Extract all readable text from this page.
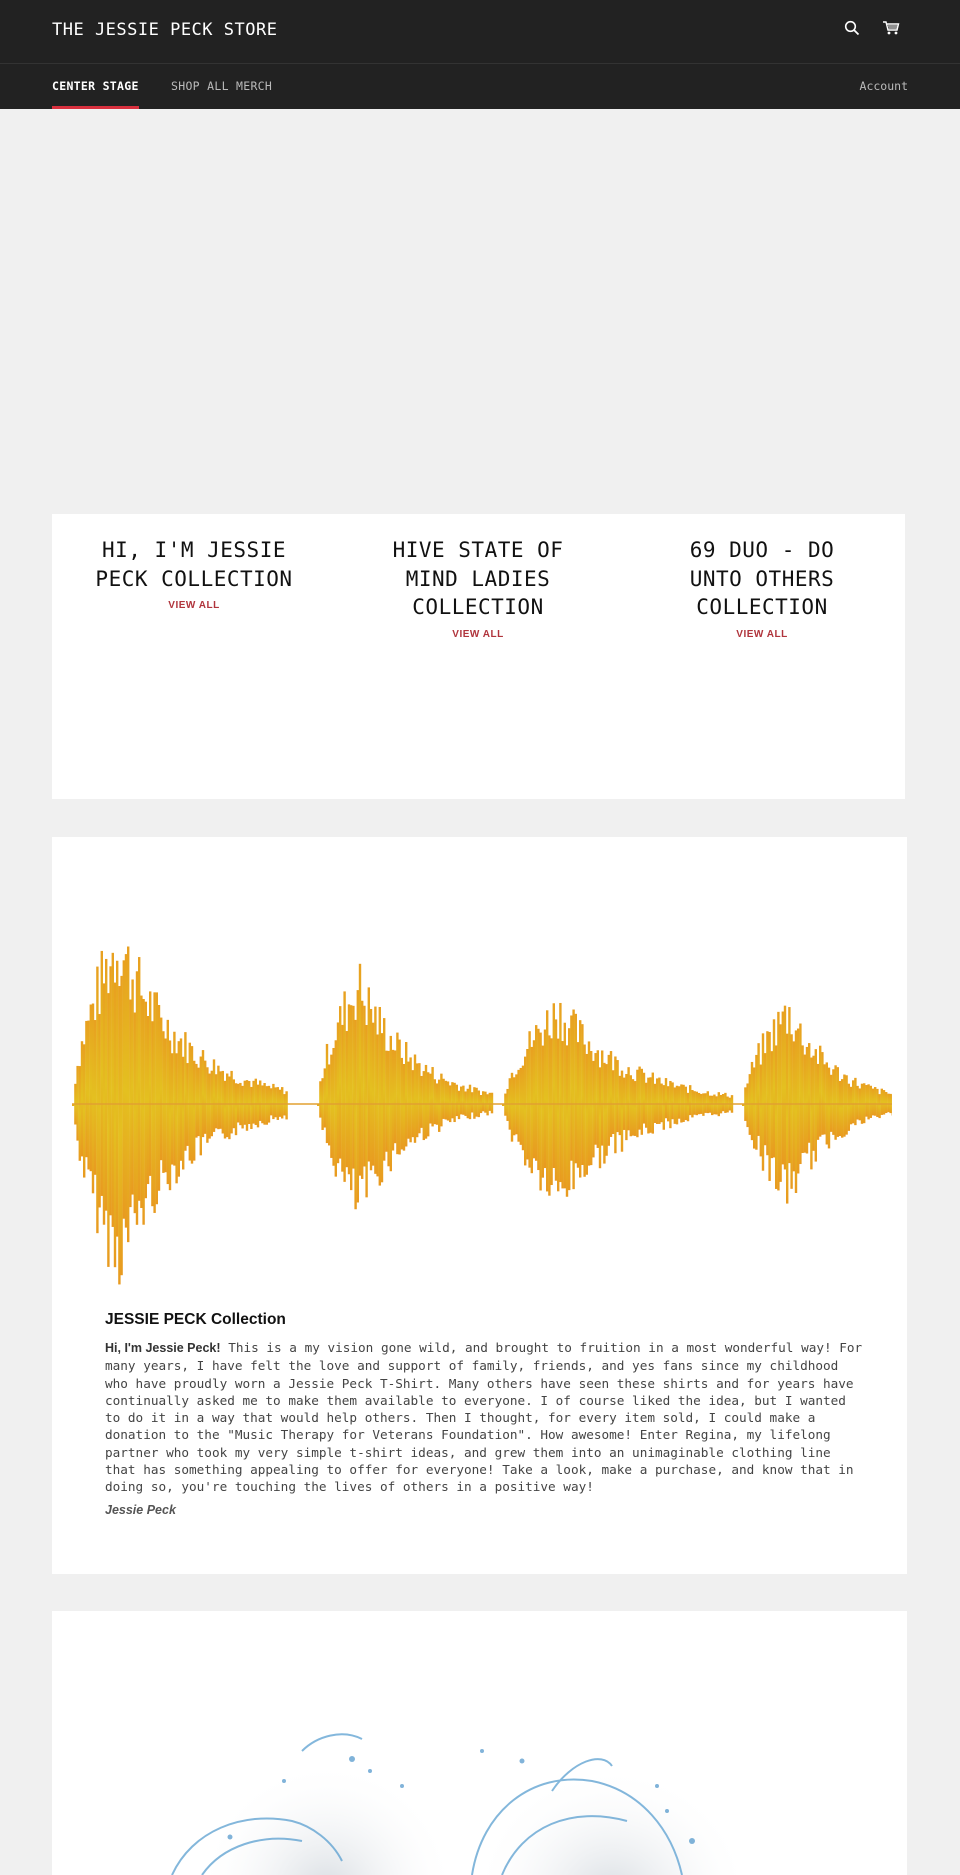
THE JESSIE PECK STORE
CENTER STAGE	SHOP ALL MERCH	Account
HI, I'M JESSIE PECK COLLECTION
VIEW ALL
HIVE STATE OF MIND LADIES COLLECTION
VIEW ALL
69 DUO - DO UNTO OTHERS COLLECTION
VIEW ALL
JESSIE PECK Collection
Hi, I'm Jessie Peck! This is a my vision gone wild, and brought to fruition in a most wonderful way! For many years, I have felt the love and support of family, friends, and yes fans since my childhood who have proudly worn a Jessie Peck T-Shirt. Many others have seen these shirts and for years have continually asked me to make them available to everyone. I of course liked the idea, but I wanted to do it in a way that would help others. Then I thought, for every item sold, I could make a donation to the "Music Therapy for Veterans Foundation". How awesome! Enter Regina, my lifelong partner who took my very simple t-shirt ideas, and grew them into an unimaginable clothing line that has something appealing to offer for everyone! Take a look, make a purchase, and know that in doing so, you're touching the lives of others in a positive way!
Jessie Peck
